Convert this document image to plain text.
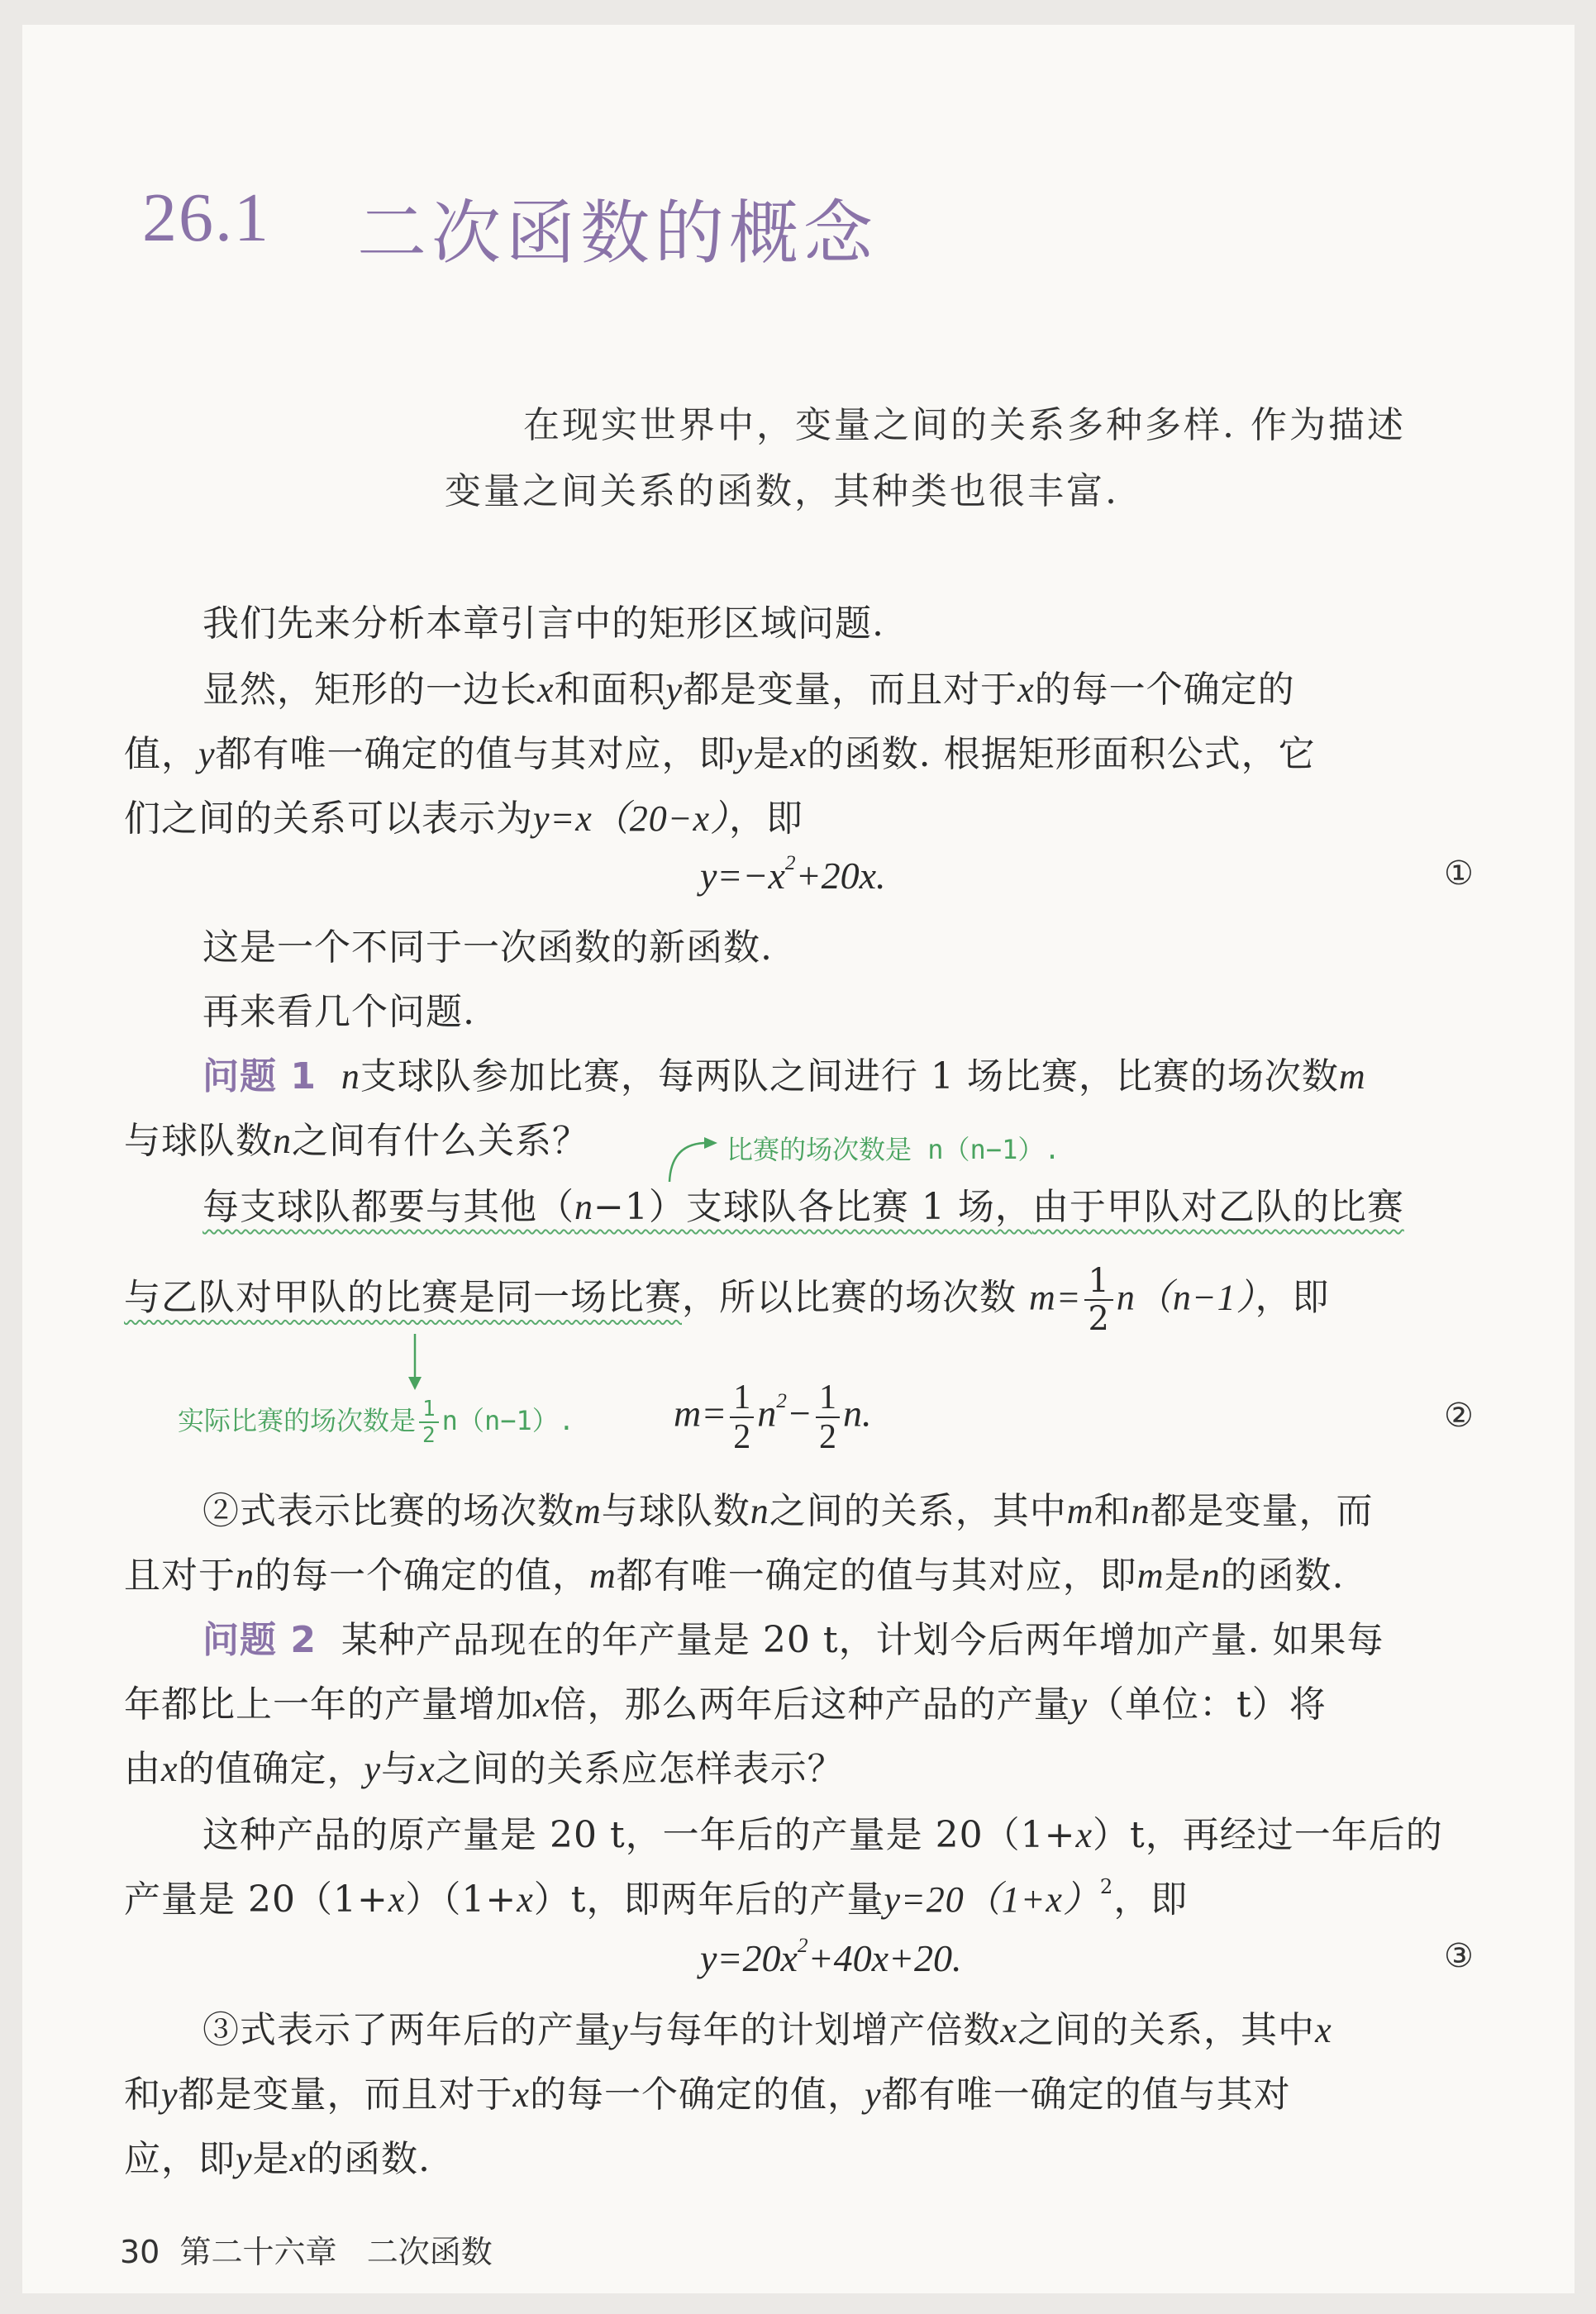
26.1 二次函数的概念
在现实世界中，变量之间的关系多种多样. 作为描述
变量之间关系的函数，其种类也很丰富.
我们先来分析本章引言中的矩形区域问题.
显然，矩形的一边长x和面积y都是变量，而且对于x的每一个确定的
值，y都有唯一确定的值与其对应，即y是x的函数. 根据矩形面积公式，它
们之间的关系可以表示为y=x（20−x），即
$y=-x^2+20x$.	①
这是一个不同于一次函数的新函数.
再来看几个问题.
问题 1 n支球队参加比赛，每两队之间进行 1 场比赛，比赛的场次数m
与球队数n之间有什么关系？	比赛的场次数是 n（n−1）.
每支球队都要与其他（n−1）支球队各比赛 1 场，由于甲队对乙队的比赛
与乙队对甲队的比赛是同一场比赛，所以比赛的场次数 $m= \frac{1}{2} n(n-1)$，即
实际比赛的场次数是 $\frac{1}{2} n(n-1)$.	$m= \frac{1}{2} n^2- \frac{1}{2} n$.	②
②式表示比赛的场次数m与球队数n之间的关系，其中m和n都是变量，而
且对于n的每一个确定的值，m都有唯一确定的值与其对应，即m是n的函数.
问题 2 某种产品现在的年产量是 20 t，计划今后两年增加产量. 如果每
年都比上一年的产量增加x倍，那么两年后这种产品的产量y（单位：t）将
由x的值确定，y与x之间的关系应怎样表示？
这种产品的原产量是 20 t，一年后的产量是 20（1+x）t，再经过一年后的
产量是 20（1+x）（1+x）t，即两年后的产量$y=20(1+x)^2$，即
$y=20x^2+40x+20$.	③
③式表示了两年后的产量y与每年的计划增产倍数x之间的关系，其中x
和y都是变量，而且对于x的每一个确定的值，y都有唯一确定的值与其对
应，即y是x的函数.
30 第二十六章 二次函数
